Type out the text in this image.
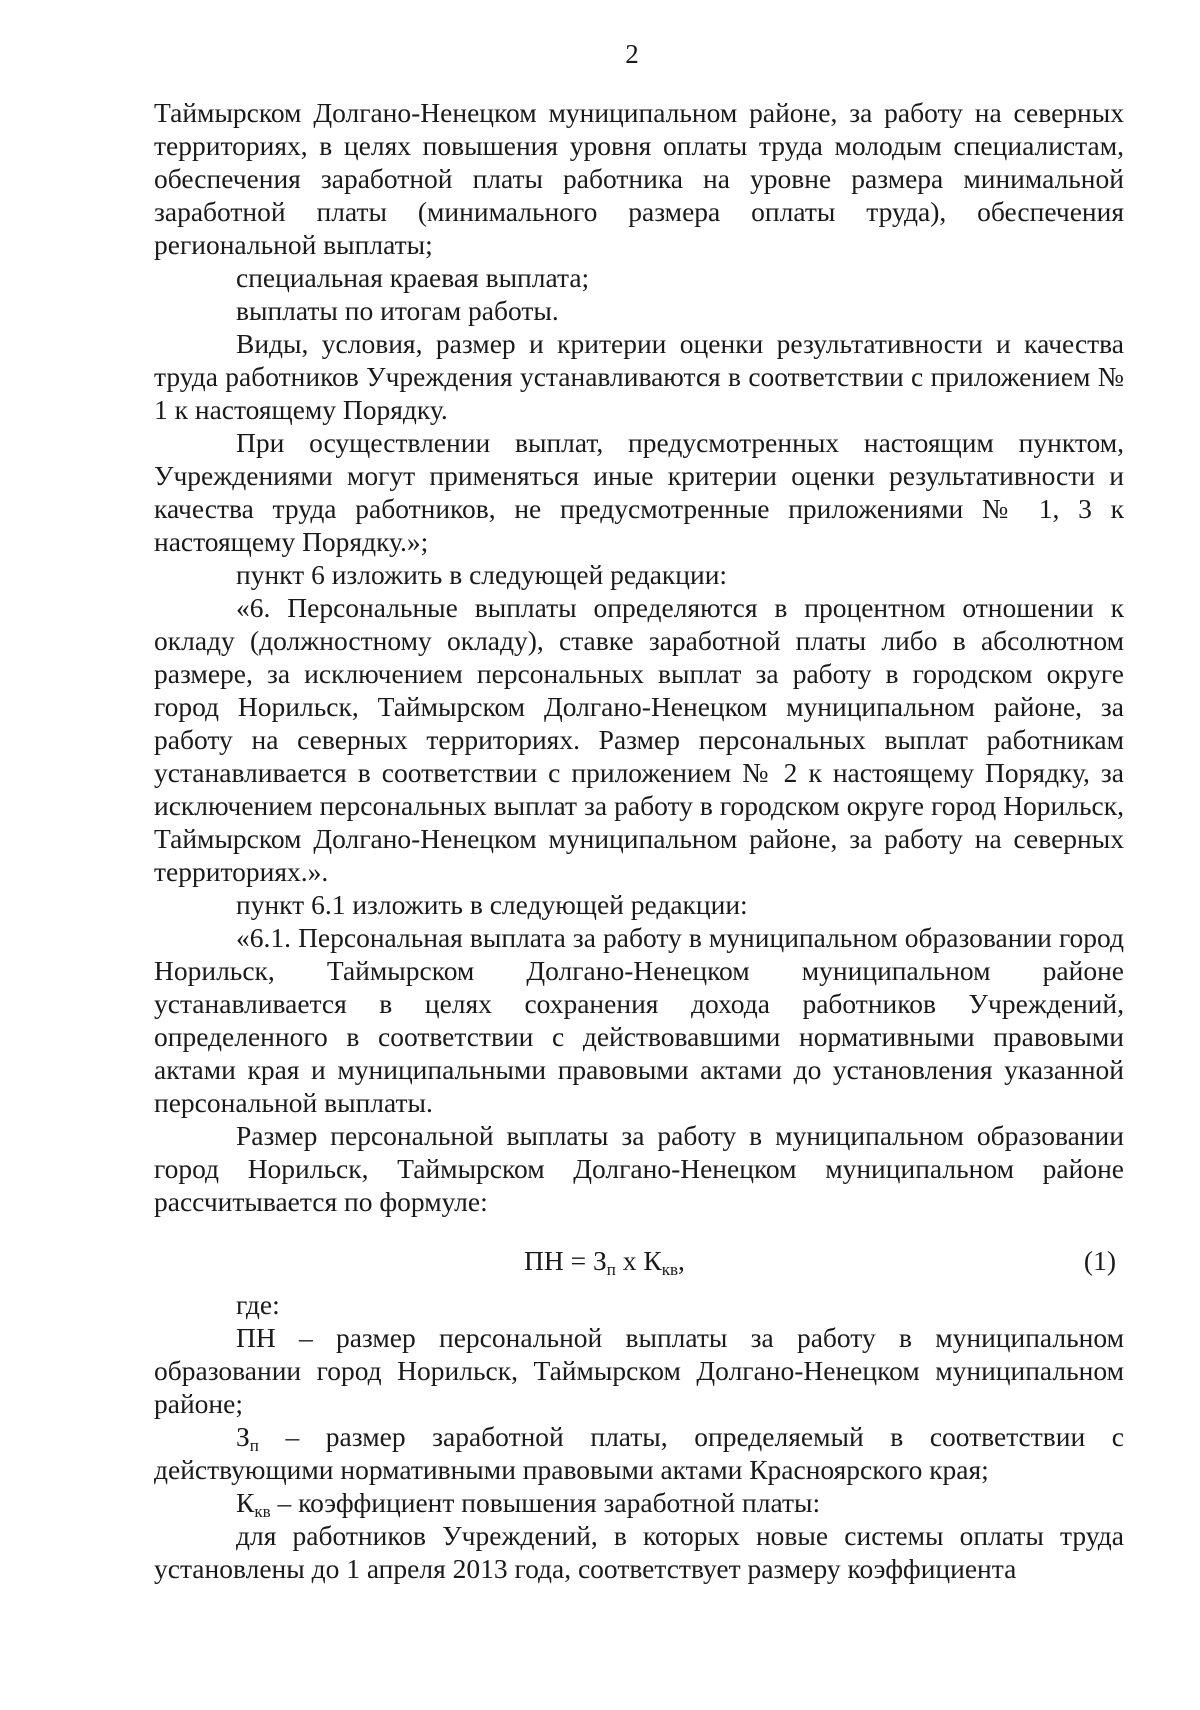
2

Таймырском Долгано-Ненецком муниципальном районе, за работу на северных территориях, в целях повышения уровня оплаты труда молодым специалистам, обеспечения заработной платы работника на уровне размера минимальной заработной платы (минимального размера оплаты труда), обеспечения региональной выплаты;

специальная краевая выплата;

выплаты по итогам работы.

Виды, условия, размер и критерии оценки результативности и качества труда работников Учреждения устанавливаются в соответствии с приложением № 1 к настоящему Порядку.

При осуществлении выплат, предусмотренных настоящим пунктом, Учреждениями могут применяться иные критерии оценки результативности и качества труда работников, не предусмотренные приложениями № 1, 3 к настоящему Порядку.»;

пункт 6 изложить в следующей редакции:

«6. Персональные выплаты определяются в процентном отношении к окладу (должностному окладу), ставке заработной платы либо в абсолютном размере, за исключением персональных выплат за работу в городском округе город Норильск, Таймырском Долгано-Ненецком муниципальном районе, за работу на северных территориях. Размер персональных выплат работникам устанавливается в соответствии с приложением № 2 к настоящему Порядку, за исключением персональных выплат за работу в городском округе город Норильск, Таймырском Долгано-Ненецком муниципальном районе, за работу на северных территориях.».

пункт 6.1 изложить в следующей редакции:

«6.1. Персональная выплата за работу в муниципальном образовании город Норильск, Таймырском Долгано-Ненецком муниципальном районе устанавливается в целях сохранения дохода работников Учреждений, определенного в соответствии с действовавшими нормативными правовыми актами края и муниципальными правовыми актами до установления указанной персональной выплаты.

Размер персональной выплаты за работу в муниципальном образовании город Норильск, Таймырском Долгано-Ненецком муниципальном районе рассчитывается по формуле:

ПН = $З_п$ х $К_{кв}$,	(1)

где:

ПН – размер персональной выплаты за работу в муниципальном образовании город Норильск, Таймырском Долгано-Ненецком муниципальном районе;

$З_п$ – размер заработной платы, определяемый в соответствии с действующими нормативными правовыми актами Красноярского края;

$К_{кв}$ – коэффициент повышения заработной платы:

для работников Учреждений, в которых новые системы оплаты труда установлены до 1 апреля 2013 года, соответствует размеру коэффициента
